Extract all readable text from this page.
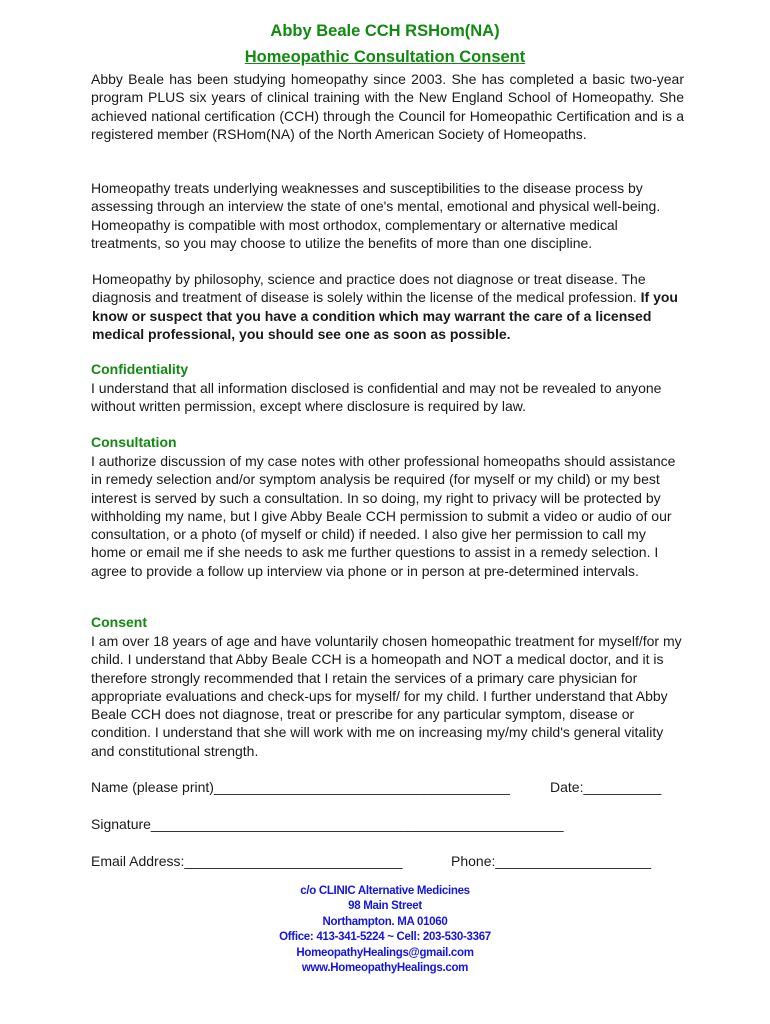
Abby Beale CCH RSHom(NA)
Homeopathic Consultation Consent

Abby Beale has been studying homeopathy since 2003. She has completed a basic two-year program PLUS six years of clinical training with the New England School of Homeopathy. She achieved national certification (CCH) through the Council for Homeopathic Certification and is a registered member (RSHom(NA) of the North American Society of Homeopaths.

Homeopathy treats underlying weaknesses and susceptibilities to the disease process by assessing through an interview the state of one's mental, emotional and physical well-being. Homeopathy is compatible with most orthodox, complementary or alternative medical treatments, so you may choose to utilize the benefits of more than one discipline.

Homeopathy by philosophy, science and practice does not diagnose or treat disease. The diagnosis and treatment of disease is solely within the license of the medical profession. If you know or suspect that you have a condition which may warrant the care of a licensed medical professional, you should see one as soon as possible.

Confidentiality

I understand that all information disclosed is confidential and may not be revealed to anyone without written permission, except where disclosure is required by law.

Consultation

I authorize discussion of my case notes with other professional homeopaths should assistance in remedy selection and/or symptom analysis be required (for myself or my child) or my best interest is served by such a consultation. In so doing, my right to privacy will be protected by withholding my name, but I give Abby Beale CCH permission to submit a video or audio of our consultation, or a photo (of myself or child) if needed. I also give her permission to call my home or email me if she needs to ask me further questions to assist in a remedy selection. I agree to provide a follow up interview via phone or in person at pre-determined intervals.

Consent

I am over 18 years of age and have voluntarily chosen homeopathic treatment for myself/for my child. I understand that Abby Beale CCH is a homeopath and NOT a medical doctor, and it is therefore strongly recommended that I retain the services of a primary care physician for appropriate evaluations and check-ups for myself/ for my child. I further understand that Abby Beale CCH does not diagnose, treat or prescribe for any particular symptom, disease or condition. I understand that she will work with me on increasing my/my child's general vitality and constitutional strength.

Name (please print)______________________________________	Date:__________
Signature_____________________________________________________
Email Address:____________________________	Phone:____________________
c/o CLINIC Alternative Medicines
98 Main Street
Northampton. MA 01060
Office: 413-341-5224 ~ Cell: 203-530-3367
HomeopathyHealings@gmail.com
www.HomeopathyHealings.com
